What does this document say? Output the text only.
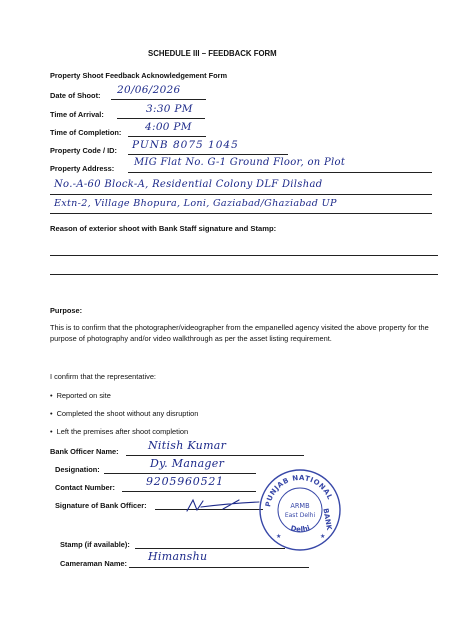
SCHEDULE III – FEEDBACK FORM
Property Shoot Feedback Acknowledgement Form
Date of Shoot: 20/06/2026
Time of Arrival:	3:30 PM
Time of Completion: 4:00 PM
Property Code / ID: PUNB 8075 1045
Property Address:
MIG Flat No. G-1 Ground Floor, on Plot
No.-A-60 Block-A, Residential Colony DLF Dilshad
Extn-2, Village Bhopura, Loni, Gaziabad/Ghaziabad UP
Reason of exterior shoot with Bank Staff signature and Stamp:
Purpose:
This is to confirm that the photographer/videographer from the empanelled agency visited the above property for the purpose of photography and/or video walkthrough as per the asset listing requirement.
I confirm that the representative:
• Reported on site
• Completed the shoot without any disruption
• Left the premises after shoot completion
Bank Officer Name:	Nitish Kumar
Designation:	Dy. Manager
Contact Number:	9205960521
Signature of Bank Officer:	PUNJAB NATIONAL
BANK
Delhi
ARMB
East Delhi
★	★
Stamp (if available):
Cameraman Name:
Himanshu
